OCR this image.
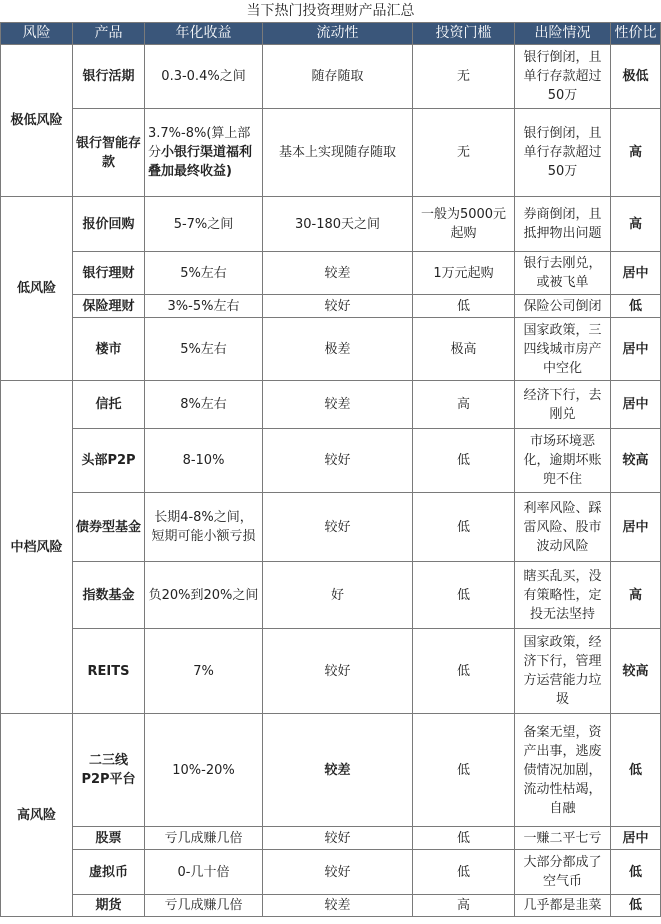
当下热门投资理财产品汇总						
风险	产品	年化收益	流动性	投资门槛	出险情况	性价比
极低风险	银行活期	0.3-0.4%之间	随存随取	无	银行倒闭，且单行存款超过50万	极低
	银行智能存款	3.7%-8%(算上部分小银行渠道福利叠加最终收益)	基本上实现随存随取	无	银行倒闭，且单行存款超过50万	高
低风险	报价回购	5-7%之间	30-180天之间	一般为5000元起购	券商倒闭，且抵押物出问题	高
	银行理财	5%左右	较差	1万元起购	银行去刚兑，或被飞单	居中
	保险理财	3%-5%左右	较好	低	保险公司倒闭	低
	楼市	5%左右	极差	极高	国家政策，三四线城市房产中空化	居中
中档风险	信托	8%左右	较差	高	经济下行，去刚兑	居中
	头部P2P	8-10%	较好	低	市场环境恶化，逾期坏账兜不住	较高
	债券型基金	长期4-8%之间，短期可能小额亏损	较好	低	利率风险、踩雷风险、股市波动风险	居中
	指数基金	负20%到20%之间	好	低	瞎买乱买，没有策略性，定投无法坚持	高
	REITS	7%	较好	低	国家政策，经济下行，管理方运营能力垃圾	较高
高风险	二三线P2P平台	10%-20%	较差	低	备案无望，资产出事，逃废债情况加剧，流动性枯竭，自融	低
	股票	亏几成赚几倍	较好	低	一赚二平七亏	居中
	虚拟币	0-几十倍	较好	低	大部分都成了空气币	低
	期货	亏几成赚几倍	较差	高	几乎都是韭菜	低
